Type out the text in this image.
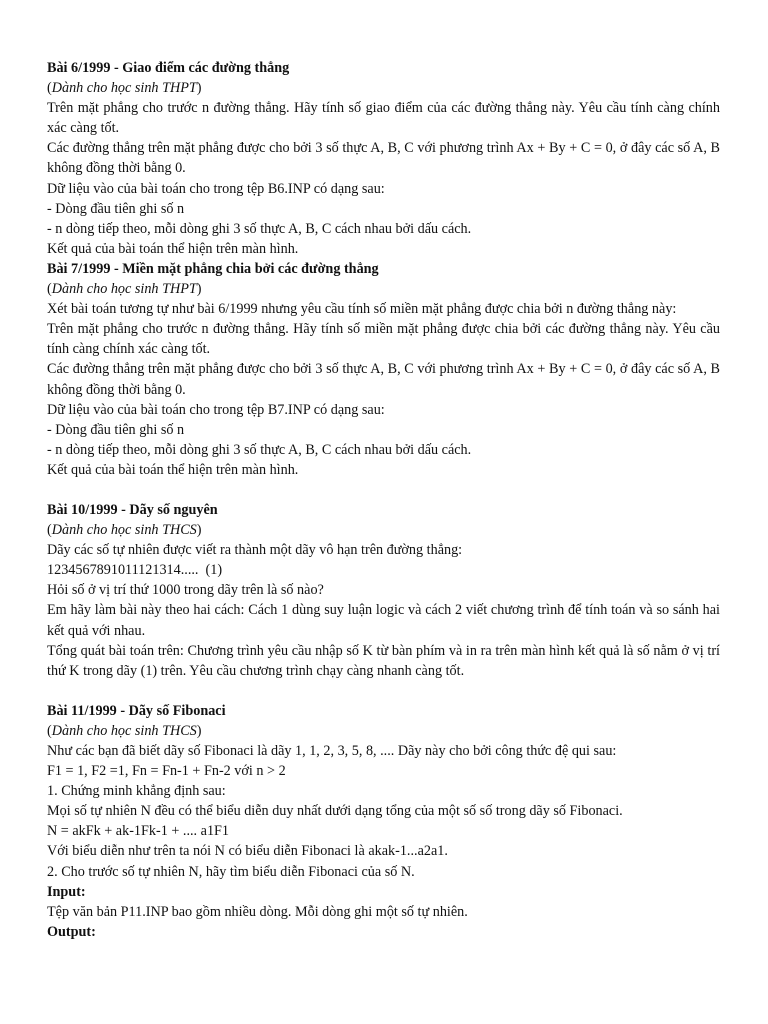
Bài 6/1999 - Giao điểm các đường thẳng

(Dành cho học sinh THPT)

Trên mặt phẳng cho trước n đường thẳng. Hãy tính số giao điểm của các đường thẳng này. Yêu cầu tính càng chính xác càng tốt.

Các đường thẳng trên mặt phẳng được cho bởi 3 số thực A, B, C với phương trình Ax + By + C = 0, ở đây các số A, B không đồng thời bằng 0.

Dữ liệu vào của bài toán cho trong tệp B6.INP có dạng sau:

- Dòng đầu tiên ghi số n

- n dòng tiếp theo, mỗi dòng ghi 3 số thực A, B, C cách nhau bởi dấu cách.

Kết quả của bài toán thể hiện trên màn hình.

Bài 7/1999 - Miền mặt phẳng chia bởi các đường thẳng

(Dành cho học sinh THPT)

Xét bài toán tương tự như bài 6/1999 nhưng yêu cầu tính số miền mặt phẳng được chia bởi n đường thẳng này:

Trên mặt phẳng cho trước n đường thẳng. Hãy tính số miền mặt phẳng được chia bởi các đường thẳng này. Yêu cầu tính càng chính xác càng tốt.

Các đường thẳng trên mặt phẳng được cho bởi 3 số thực A, B, C với phương trình Ax + By + C = 0, ở đây các số A, B không đồng thời bằng 0.

Dữ liệu vào của bài toán cho trong tệp B7.INP có dạng sau:

- Dòng đầu tiên ghi số n

- n dòng tiếp theo, mỗi dòng ghi 3 số thực A, B, C cách nhau bởi dấu cách.

Kết quả của bài toán thể hiện trên màn hình.

Bài 10/1999 - Dãy số nguyên

(Dành cho học sinh THCS)

Dãy các số tự nhiên được viết ra thành một dãy vô hạn trên đường thẳng:

1234567891011121314.....  (1)

Hỏi số ở vị trí thứ 1000 trong dãy trên là số nào?

Em hãy làm bài này theo hai cách: Cách 1 dùng suy luận logic và cách 2 viết chương trình để tính toán và so sánh hai kết quả với nhau.

Tổng quát bài toán trên: Chương trình yêu cầu nhập số K từ bàn phím và in ra trên màn hình kết quả là số nằm ở vị trí thứ K trong dãy (1) trên. Yêu cầu chương trình chạy càng nhanh càng tốt.

Bài 11/1999 - Dãy số Fibonaci

(Dành cho học sinh THCS)

Như các bạn đã biết dãy số Fibonaci là dãy 1, 1, 2, 3, 5, 8, .... Dãy này cho bởi công thức đệ qui sau:

F1 = 1, F2 =1, Fn = Fn-1 + Fn-2 với n > 2

1. Chứng minh khẳng định sau:

Mọi số tự nhiên N đều có thể biểu diễn duy nhất dưới dạng tổng của một số số trong dãy số Fibonaci.

N = akFk + ak-1Fk-1 + .... a1F1

Với biểu diễn như trên ta nói N có biểu diễn Fibonaci là akak-1...a2a1.

2. Cho trước số tự nhiên N, hãy tìm biểu diễn Fibonaci của số N.

Input:

Tệp văn bản P11.INP bao gồm nhiều dòng. Mỗi dòng ghi một số tự nhiên.

Output:
